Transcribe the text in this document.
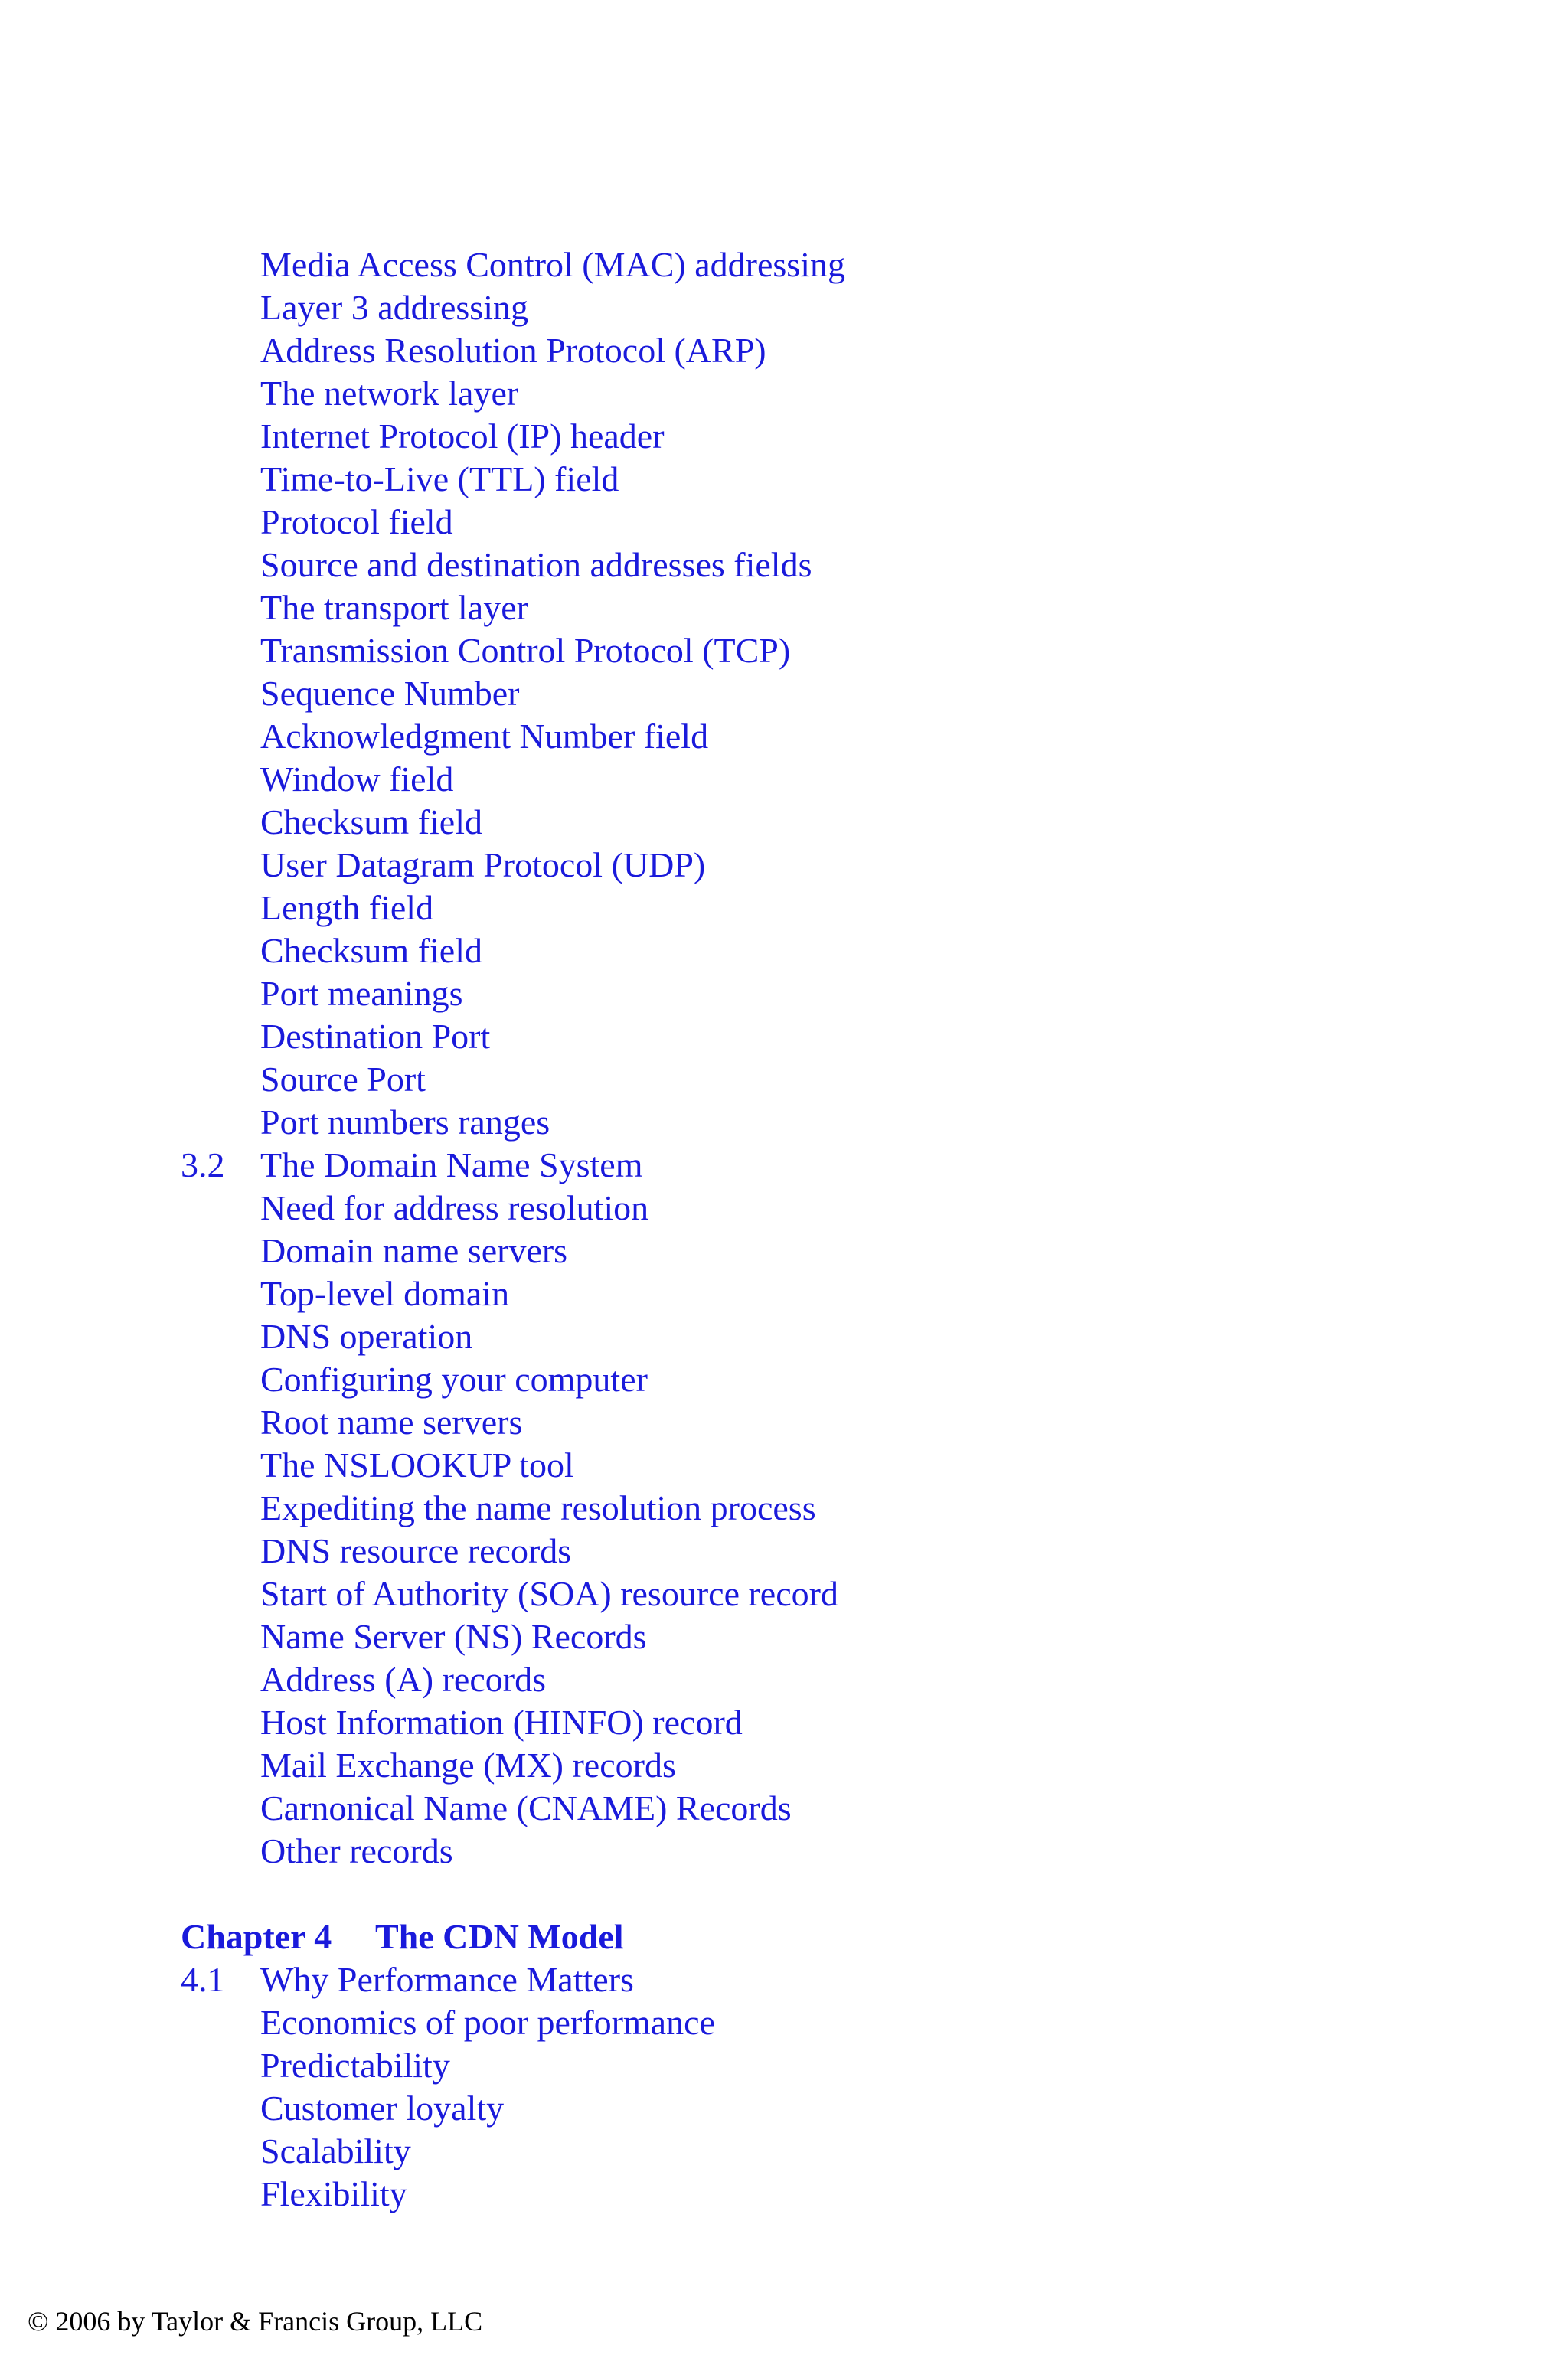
Media Access Control (MAC) addressing
Layer 3 addressing
Address Resolution Protocol (ARP)
The network layer
Internet Protocol (IP) header
Time-to-Live (TTL) field
Protocol field
Source and destination addresses fields
The transport layer
Transmission Control Protocol (TCP)
Sequence Number
Acknowledgment Number field
Window field
Checksum field
User Datagram Protocol (UDP)
Length field
Checksum field
Port meanings
Destination Port
Source Port
Port numbers ranges
3.2 The Domain Name System
Need for address resolution
Domain name servers
Top-level domain
DNS operation
Configuring your computer
Root name servers
The NSLOOKUP tool
Expediting the name resolution process
DNS resource records
Start of Authority (SOA) resource record
Name Server (NS) Records
Address (A) records
Host Information (HINFO) record
Mail Exchange (MX) records
Carnonical Name (CNAME) Records
Other records
Chapter 4 The CDN Model
4.1 Why Performance Matters
Economics of poor performance
Predictability
Customer loyalty
Scalability
Flexibility
© 2006 by Taylor & Francis Group, LLC
